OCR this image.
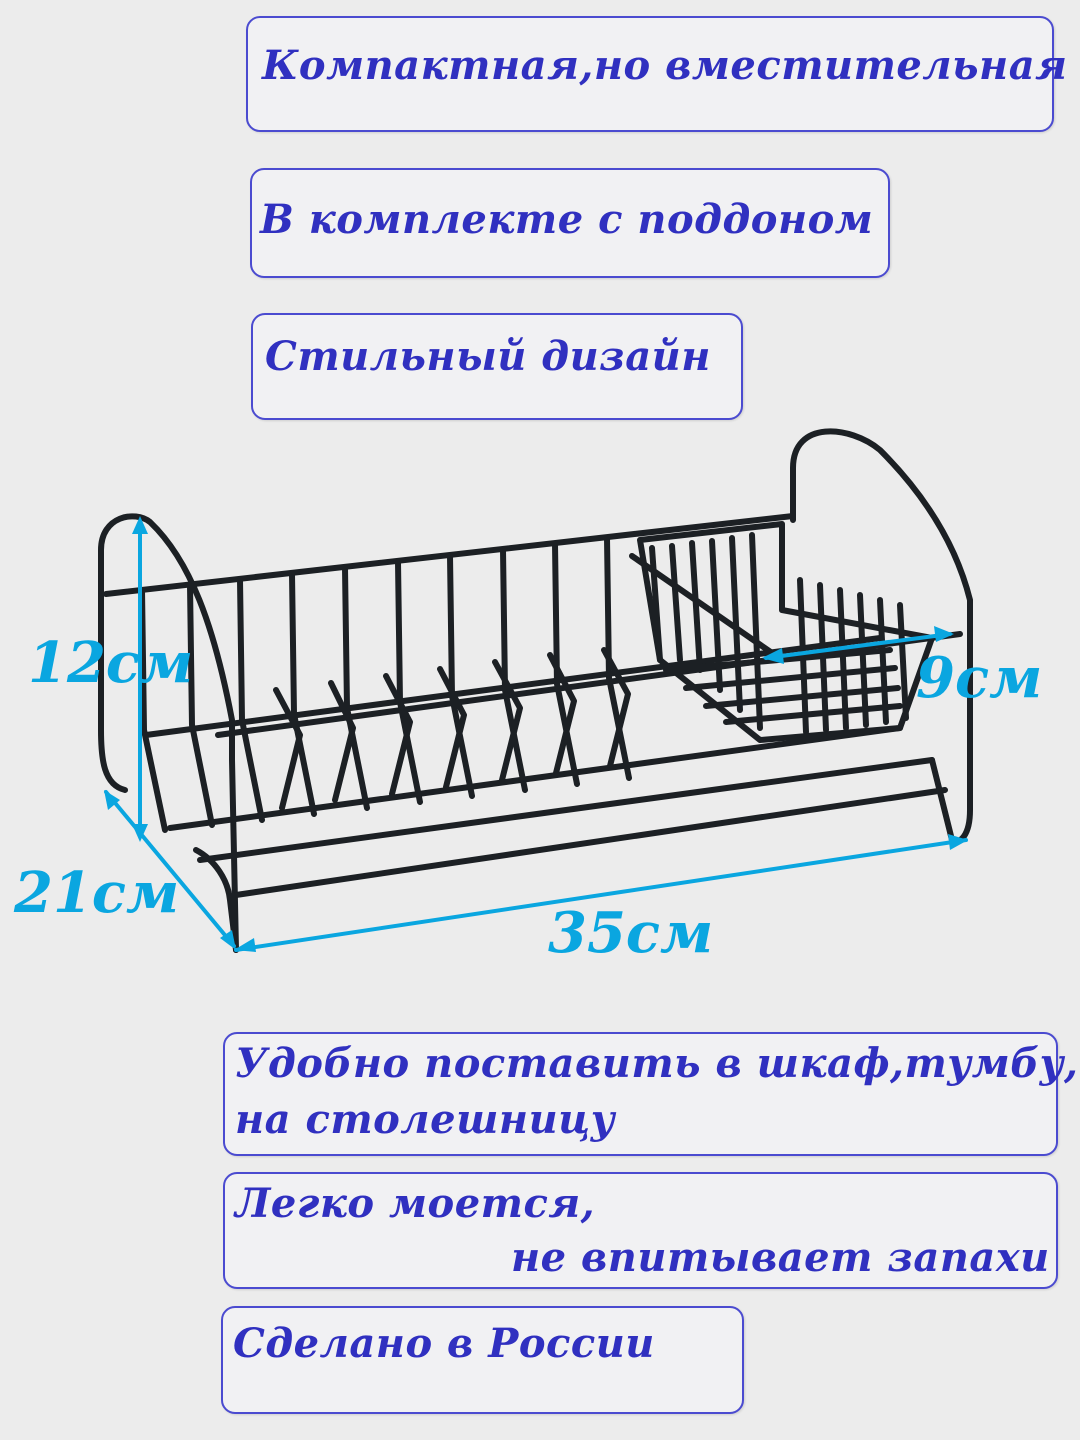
Компактная,но вместительная
В комплекте с поддоном
Стильный дизайн
12см	9см
21см
35см
Удобно поставить в шкаф,тумбу,
на столешницу
Легко моется,
не впитывает запахи
Сделано в России
